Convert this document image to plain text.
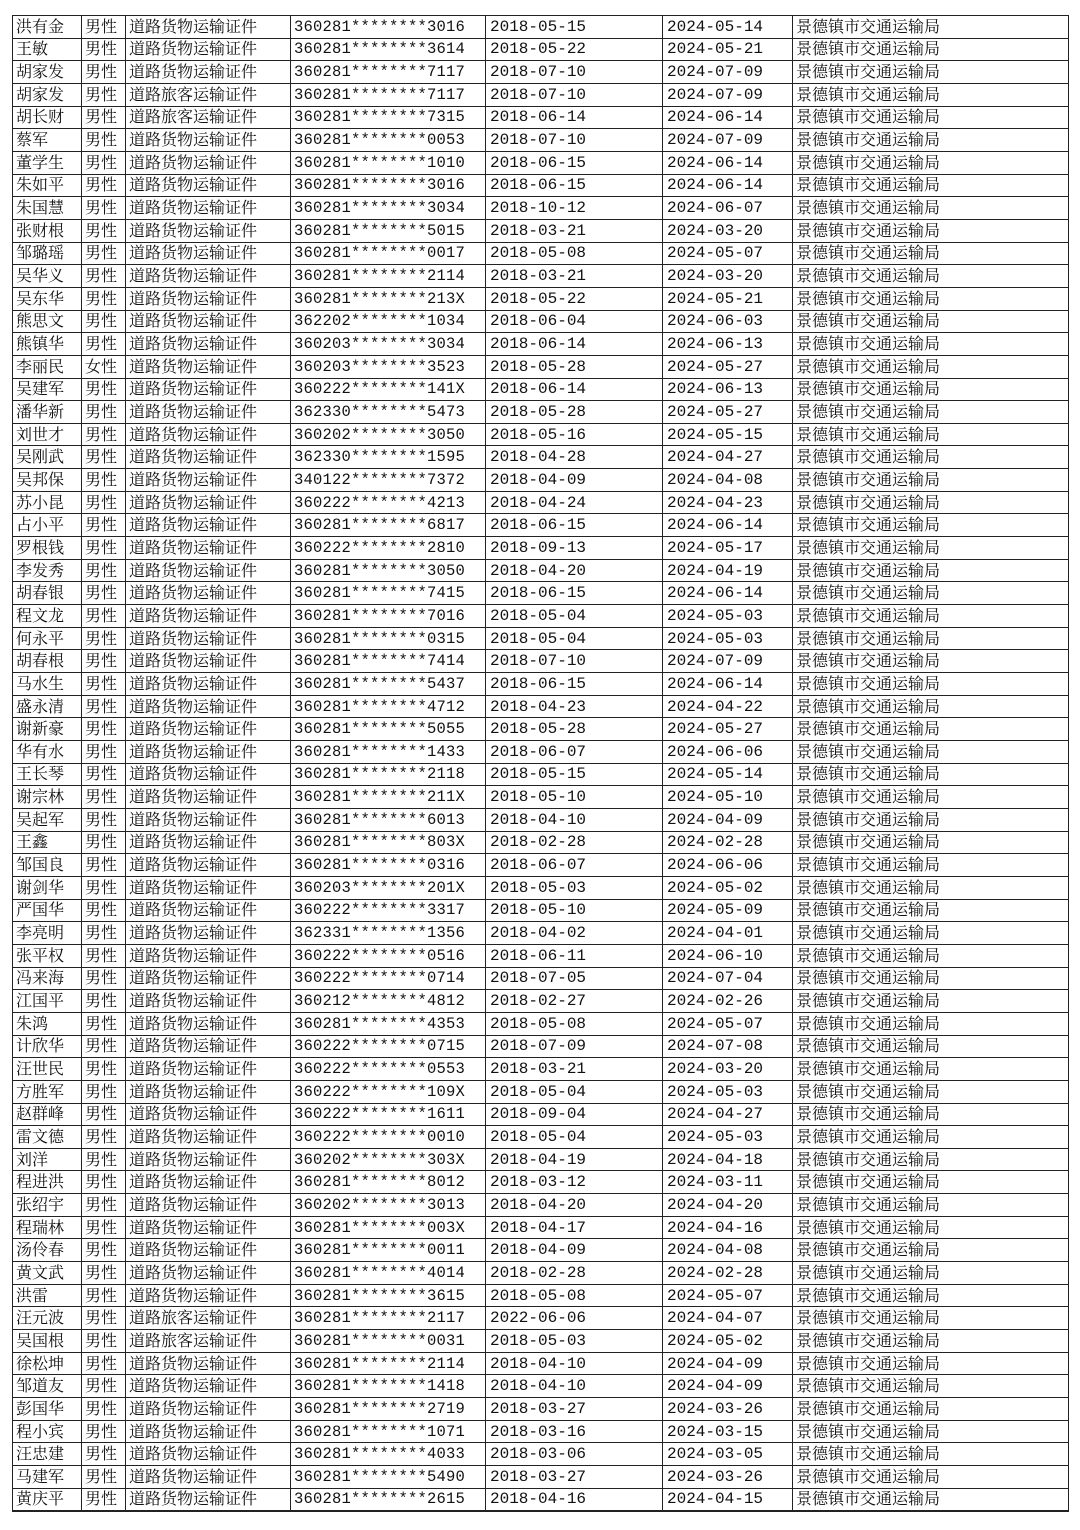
洪有金	男性	道路货物运输证件	360281********3016	2018-05-15	2024-05-14	景德镇市交通运输局
王敏	男性	道路货物运输证件	360281********3614	2018-05-22	2024-05-21	景德镇市交通运输局
胡家发	男性	道路货物运输证件	360281********7117	2018-07-10	2024-07-09	景德镇市交通运输局
胡家发	男性	道路旅客运输证件	360281********7117	2018-07-10	2024-07-09	景德镇市交通运输局
胡长财	男性	道路旅客运输证件	360281********7315	2018-06-14	2024-06-14	景德镇市交通运输局
蔡军	男性	道路货物运输证件	360281********0053	2018-07-10	2024-07-09	景德镇市交通运输局
董学生	男性	道路货物运输证件	360281********1010	2018-06-15	2024-06-14	景德镇市交通运输局
朱如平	男性	道路货物运输证件	360281********3016	2018-06-15	2024-06-14	景德镇市交通运输局
朱国慧	男性	道路货物运输证件	360281********3034	2018-10-12	2024-06-07	景德镇市交通运输局
张财根	男性	道路货物运输证件	360281********5015	2018-03-21	2024-03-20	景德镇市交通运输局
邹璐瑶	男性	道路货物运输证件	360281********0017	2018-05-08	2024-05-07	景德镇市交通运输局
吴华义	男性	道路货物运输证件	360281********2114	2018-03-21	2024-03-20	景德镇市交通运输局
吴东华	男性	道路货物运输证件	360281********213X	2018-05-22	2024-05-21	景德镇市交通运输局
熊思文	男性	道路货物运输证件	362202********1034	2018-06-04	2024-06-03	景德镇市交通运输局
熊镇华	男性	道路货物运输证件	360203********3034	2018-06-14	2024-06-13	景德镇市交通运输局
李丽民	女性	道路货物运输证件	360203********3523	2018-05-28	2024-05-27	景德镇市交通运输局
吴建军	男性	道路货物运输证件	360222********141X	2018-06-14	2024-06-13	景德镇市交通运输局
潘华新	男性	道路货物运输证件	362330********5473	2018-05-28	2024-05-27	景德镇市交通运输局
刘世才	男性	道路货物运输证件	360202********3050	2018-05-16	2024-05-15	景德镇市交通运输局
吴刚武	男性	道路货物运输证件	362330********1595	2018-04-28	2024-04-27	景德镇市交通运输局
吴邦保	男性	道路货物运输证件	340122********7372	2018-04-09	2024-04-08	景德镇市交通运输局
苏小昆	男性	道路货物运输证件	360222********4213	2018-04-24	2024-04-23	景德镇市交通运输局
占小平	男性	道路货物运输证件	360281********6817	2018-06-15	2024-06-14	景德镇市交通运输局
罗根钱	男性	道路货物运输证件	360222********2810	2018-09-13	2024-05-17	景德镇市交通运输局
李发秀	男性	道路货物运输证件	360281********3050	2018-04-20	2024-04-19	景德镇市交通运输局
胡春银	男性	道路货物运输证件	360281********7415	2018-06-15	2024-06-14	景德镇市交通运输局
程文龙	男性	道路货物运输证件	360281********7016	2018-05-04	2024-05-03	景德镇市交通运输局
何永平	男性	道路货物运输证件	360281********0315	2018-05-04	2024-05-03	景德镇市交通运输局
胡春根	男性	道路货物运输证件	360281********7414	2018-07-10	2024-07-09	景德镇市交通运输局
马水生	男性	道路货物运输证件	360281********5437	2018-06-15	2024-06-14	景德镇市交通运输局
盛永清	男性	道路货物运输证件	360281********4712	2018-04-23	2024-04-22	景德镇市交通运输局
谢新豪	男性	道路货物运输证件	360281********5055	2018-05-28	2024-05-27	景德镇市交通运输局
华有水	男性	道路货物运输证件	360281********1433	2018-06-07	2024-06-06	景德镇市交通运输局
王长琴	男性	道路货物运输证件	360281********2118	2018-05-15	2024-05-14	景德镇市交通运输局
谢宗林	男性	道路货物运输证件	360281********211X	2018-05-10	2024-05-10	景德镇市交通运输局
吴起军	男性	道路货物运输证件	360281********6013	2018-04-10	2024-04-09	景德镇市交通运输局
王鑫	男性	道路货物运输证件	360281********803X	2018-02-28	2024-02-28	景德镇市交通运输局
邹国良	男性	道路货物运输证件	360281********0316	2018-06-07	2024-06-06	景德镇市交通运输局
谢剑华	男性	道路货物运输证件	360203********201X	2018-05-03	2024-05-02	景德镇市交通运输局
严国华	男性	道路货物运输证件	360222********3317	2018-05-10	2024-05-09	景德镇市交通运输局
李亮明	男性	道路货物运输证件	362331********1356	2018-04-02	2024-04-01	景德镇市交通运输局
张平权	男性	道路货物运输证件	360222********0516	2018-06-11	2024-06-10	景德镇市交通运输局
冯来海	男性	道路货物运输证件	360222********0714	2018-07-05	2024-07-04	景德镇市交通运输局
江国平	男性	道路货物运输证件	360212********4812	2018-02-27	2024-02-26	景德镇市交通运输局
朱鸿	男性	道路货物运输证件	360281********4353	2018-05-08	2024-05-07	景德镇市交通运输局
计欣华	男性	道路货物运输证件	360222********0715	2018-07-09	2024-07-08	景德镇市交通运输局
汪世民	男性	道路货物运输证件	360222********0553	2018-03-21	2024-03-20	景德镇市交通运输局
方胜军	男性	道路货物运输证件	360222********109X	2018-05-04	2024-05-03	景德镇市交通运输局
赵群峰	男性	道路货物运输证件	360222********1611	2018-09-04	2024-04-27	景德镇市交通运输局
雷文德	男性	道路货物运输证件	360222********0010	2018-05-04	2024-05-03	景德镇市交通运输局
刘洋	男性	道路货物运输证件	360202********303X	2018-04-19	2024-04-18	景德镇市交通运输局
程进洪	男性	道路货物运输证件	360281********8012	2018-03-12	2024-03-11	景德镇市交通运输局
张绍宇	男性	道路货物运输证件	360202********3013	2018-04-20	2024-04-20	景德镇市交通运输局
程瑞林	男性	道路货物运输证件	360281********003X	2018-04-17	2024-04-16	景德镇市交通运输局
汤伶春	男性	道路货物运输证件	360281********0011	2018-04-09	2024-04-08	景德镇市交通运输局
黄文武	男性	道路货物运输证件	360281********4014	2018-02-28	2024-02-28	景德镇市交通运输局
洪雷	男性	道路货物运输证件	360281********3615	2018-05-08	2024-05-07	景德镇市交通运输局
汪元波	男性	道路旅客运输证件	360281********2117	2022-06-06	2024-04-07	景德镇市交通运输局
吴国根	男性	道路旅客运输证件	360281********0031	2018-05-03	2024-05-02	景德镇市交通运输局
徐松坤	男性	道路货物运输证件	360281********2114	2018-04-10	2024-04-09	景德镇市交通运输局
邹道友	男性	道路货物运输证件	360281********1418	2018-04-10	2024-04-09	景德镇市交通运输局
彭国华	男性	道路货物运输证件	360281********2719	2018-03-27	2024-03-26	景德镇市交通运输局
程小宾	男性	道路货物运输证件	360281********1071	2018-03-16	2024-03-15	景德镇市交通运输局
汪忠建	男性	道路货物运输证件	360281********4033	2018-03-06	2024-03-05	景德镇市交通运输局
马建军	男性	道路货物运输证件	360281********5490	2018-03-27	2024-03-26	景德镇市交通运输局
黄庆平	男性	道路货物运输证件	360281********2615	2018-04-16	2024-04-15	景德镇市交通运输局
